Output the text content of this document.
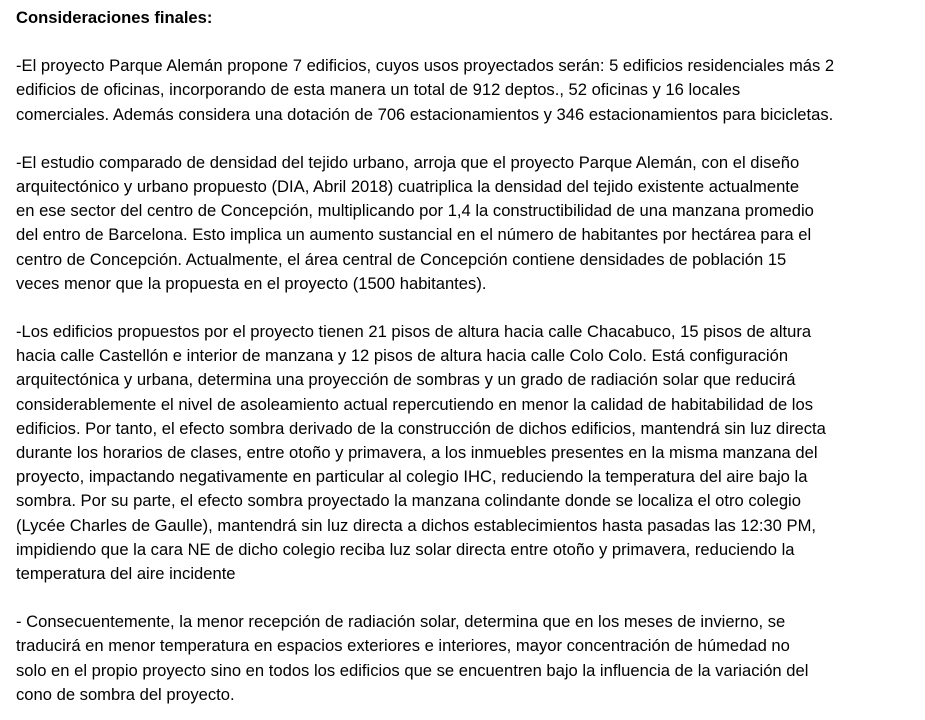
Consideraciones finales:

-El proyecto Parque Alemán propone 7 edificios, cuyos usos proyectados serán: 5 edificios residenciales más 2
edificios de oficinas, incorporando de esta manera un total de 912 deptos., 52 oficinas y 16 locales
comerciales. Además considera una dotación de 706 estacionamientos y 346 estacionamientos para bicicletas.
-El estudio comparado de densidad del tejido urbano, arroja que el proyecto Parque Alemán, con el diseño
arquitectónico y urbano propuesto (DIA, Abril 2018) cuatriplica la densidad del tejido existente actualmente
en ese sector del centro de Concepción, multiplicando por 1,4 la constructibilidad de una manzana promedio
del entro de Barcelona. Esto implica un aumento sustancial en el número de habitantes por hectárea para el
centro de Concepción. Actualmente, el área central de Concepción contiene densidades de población 15
veces menor que la propuesta en el proyecto (1500 habitantes).
-Los edificios propuestos por el proyecto tienen 21 pisos de altura hacia calle Chacabuco, 15 pisos de altura
hacia calle Castellón e interior de manzana y 12 pisos de altura hacia calle Colo Colo. Está configuración
arquitectónica y urbana, determina una proyección de sombras y un grado de radiación solar que reducirá
considerablemente el nivel de asoleamiento actual repercutiendo en menor la calidad de habitabilidad de los
edificios. Por tanto, el efecto sombra derivado de la construcción de dichos edificios, mantendrá sin luz directa
durante los horarios de clases, entre otoño y primavera, a los inmuebles presentes en la misma manzana del
proyecto, impactando negativamente en particular al colegio IHC, reduciendo la temperatura del aire bajo la
sombra. Por su parte, el efecto sombra proyectado la manzana colindante donde se localiza el otro colegio
(Lycée Charles de Gaulle), mantendrá sin luz directa a dichos establecimientos hasta pasadas las 12:30 PM,
impidiendo que la cara NE de dicho colegio reciba luz solar directa entre otoño y primavera, reduciendo la
temperatura del aire incidente
- Consecuentemente, la menor recepción de radiación solar, determina que en los meses de invierno, se
traducirá en menor temperatura en espacios exteriores e interiores, mayor concentración de húmedad no
solo en el propio proyecto sino en todos los edificios que se encuentren bajo la influencia de la variación del
cono de sombra del proyecto.
